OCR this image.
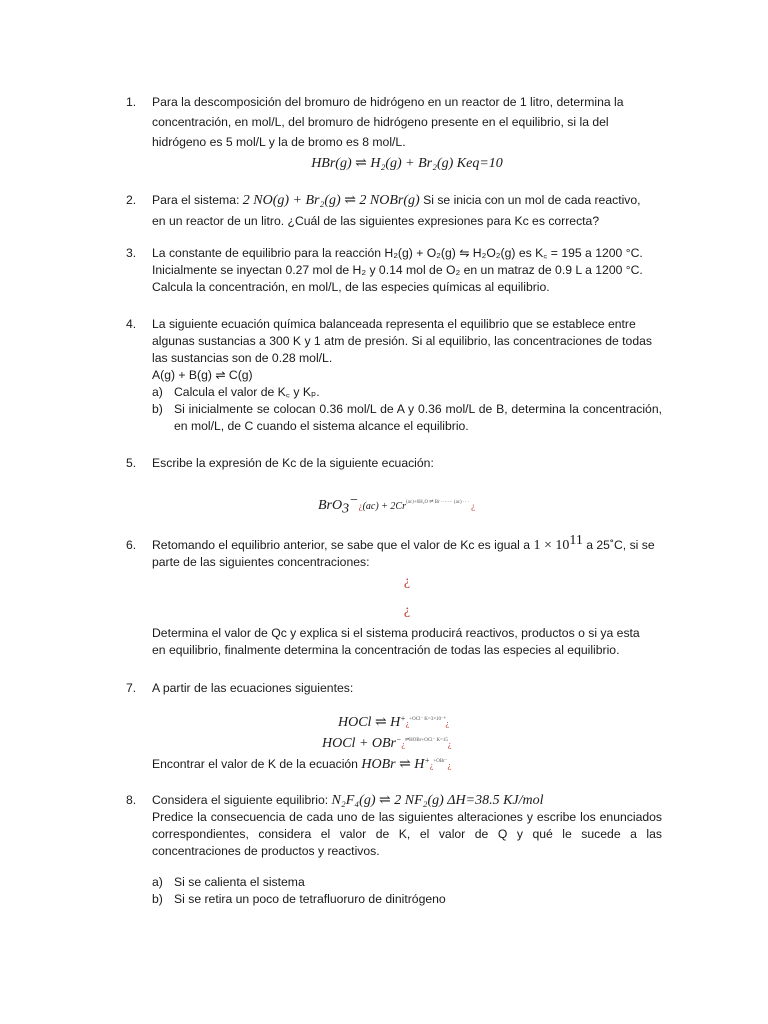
1.	Para la descomposición del bromuro de hidrógeno en un reactor de 1 litro, determina la
concentración, en mol/L, del bromuro de hidrógeno presente en el equilibrio, si la del
hidrógeno es 5 mol/L y la de bromo es 8 mol/L.
HBr(g) ⇌ H₂(g) + Br₂(g) Keq=10
2.	Para el sistema: 2 NO(g) + Br₂(g) ⇌ 2 NOBr(g) Si se inicia con un mol de cada reactivo,
en un reactor de un litro. ¿Cuál de las siguientes expresiones para Kc es correcta?
3.	La constante de equilibrio para la reacción H₂(g) + O₂(g) ⇋ H₂O₂(g) es K꜀ = 195 a 1200 °C.
Inicialmente se inyectan 0.27 mol de H₂ y 0.14 mol de O₂ en un matraz de 0.9 L a 1200 °C.
Calcula la concentración, en mol/L, de las especies químicas al equilibrio.
4.	La siguiente ecuación química balanceada representa el equilibrio que se establece entre
algunas sustancias a 300 K y 1 atm de presión. Si al equilibrio, las concentraciones de todas
las sustancias son de 0.28 mol/L.
A(g) + B(g) ⇌ C(g)
a) Calcula el valor de K꜀ y Kₚ.
b) Si inicialmente se colocan 0.36 mol/L de A y 0.36 mol/L de B, determina la concentración, en mol/L, de C cuando el sistema alcance el equilibrio.
5.	Escribe la expresión de Kc de la siguiente ecuación:
BrO$_3$−¿(ac) + $2Cr^{(ac)+6H_2O \rightleftharpoons Br \cdot\cdot\cdot\cdot\cdot\cdot\cdot (ac) \cdot\cdot \cdot}$ ¿
6.	Retomando el equilibrio anterior, se sabe que el valor de Kc es igual a $1 \times 10^{11}$ a 25˚C, si se
parte de las siguientes concentraciones:
¿
¿
Determina el valor de Qc y explica si el sistema producirá reactivos, productos o si ya esta
en equilibrio, finalmente determina la concentración de todas las especies al equilibrio.
7.	A partir de las ecuaciones siguientes:
HOCl ⇌ H+¿$^{+OCl^- K=3\times 10^{-8}}$¿
HOCl + OBr−¿$^{\rightleftharpoons HOBr+OCl^- K=15}$¿
Encontrar el valor de K de la ecuación HOBr ⇌ H+¿$^{+OBr^-}$¿
8.	Considera el siguiente equilibrio: N₂F₄(g) ⇌ 2 NF₂(g) ΔH=38.5 KJ/mol
Predice la consecuencia de cada uno de las siguientes alteraciones y escribe los enunciados correspondientes, considera el valor de K, el valor de Q y qué le sucede a las concentraciones de productos y reactivos.
a) Si se calienta el sistema
b) Si se retira un poco de tetrafluoruro de dinitrógeno
